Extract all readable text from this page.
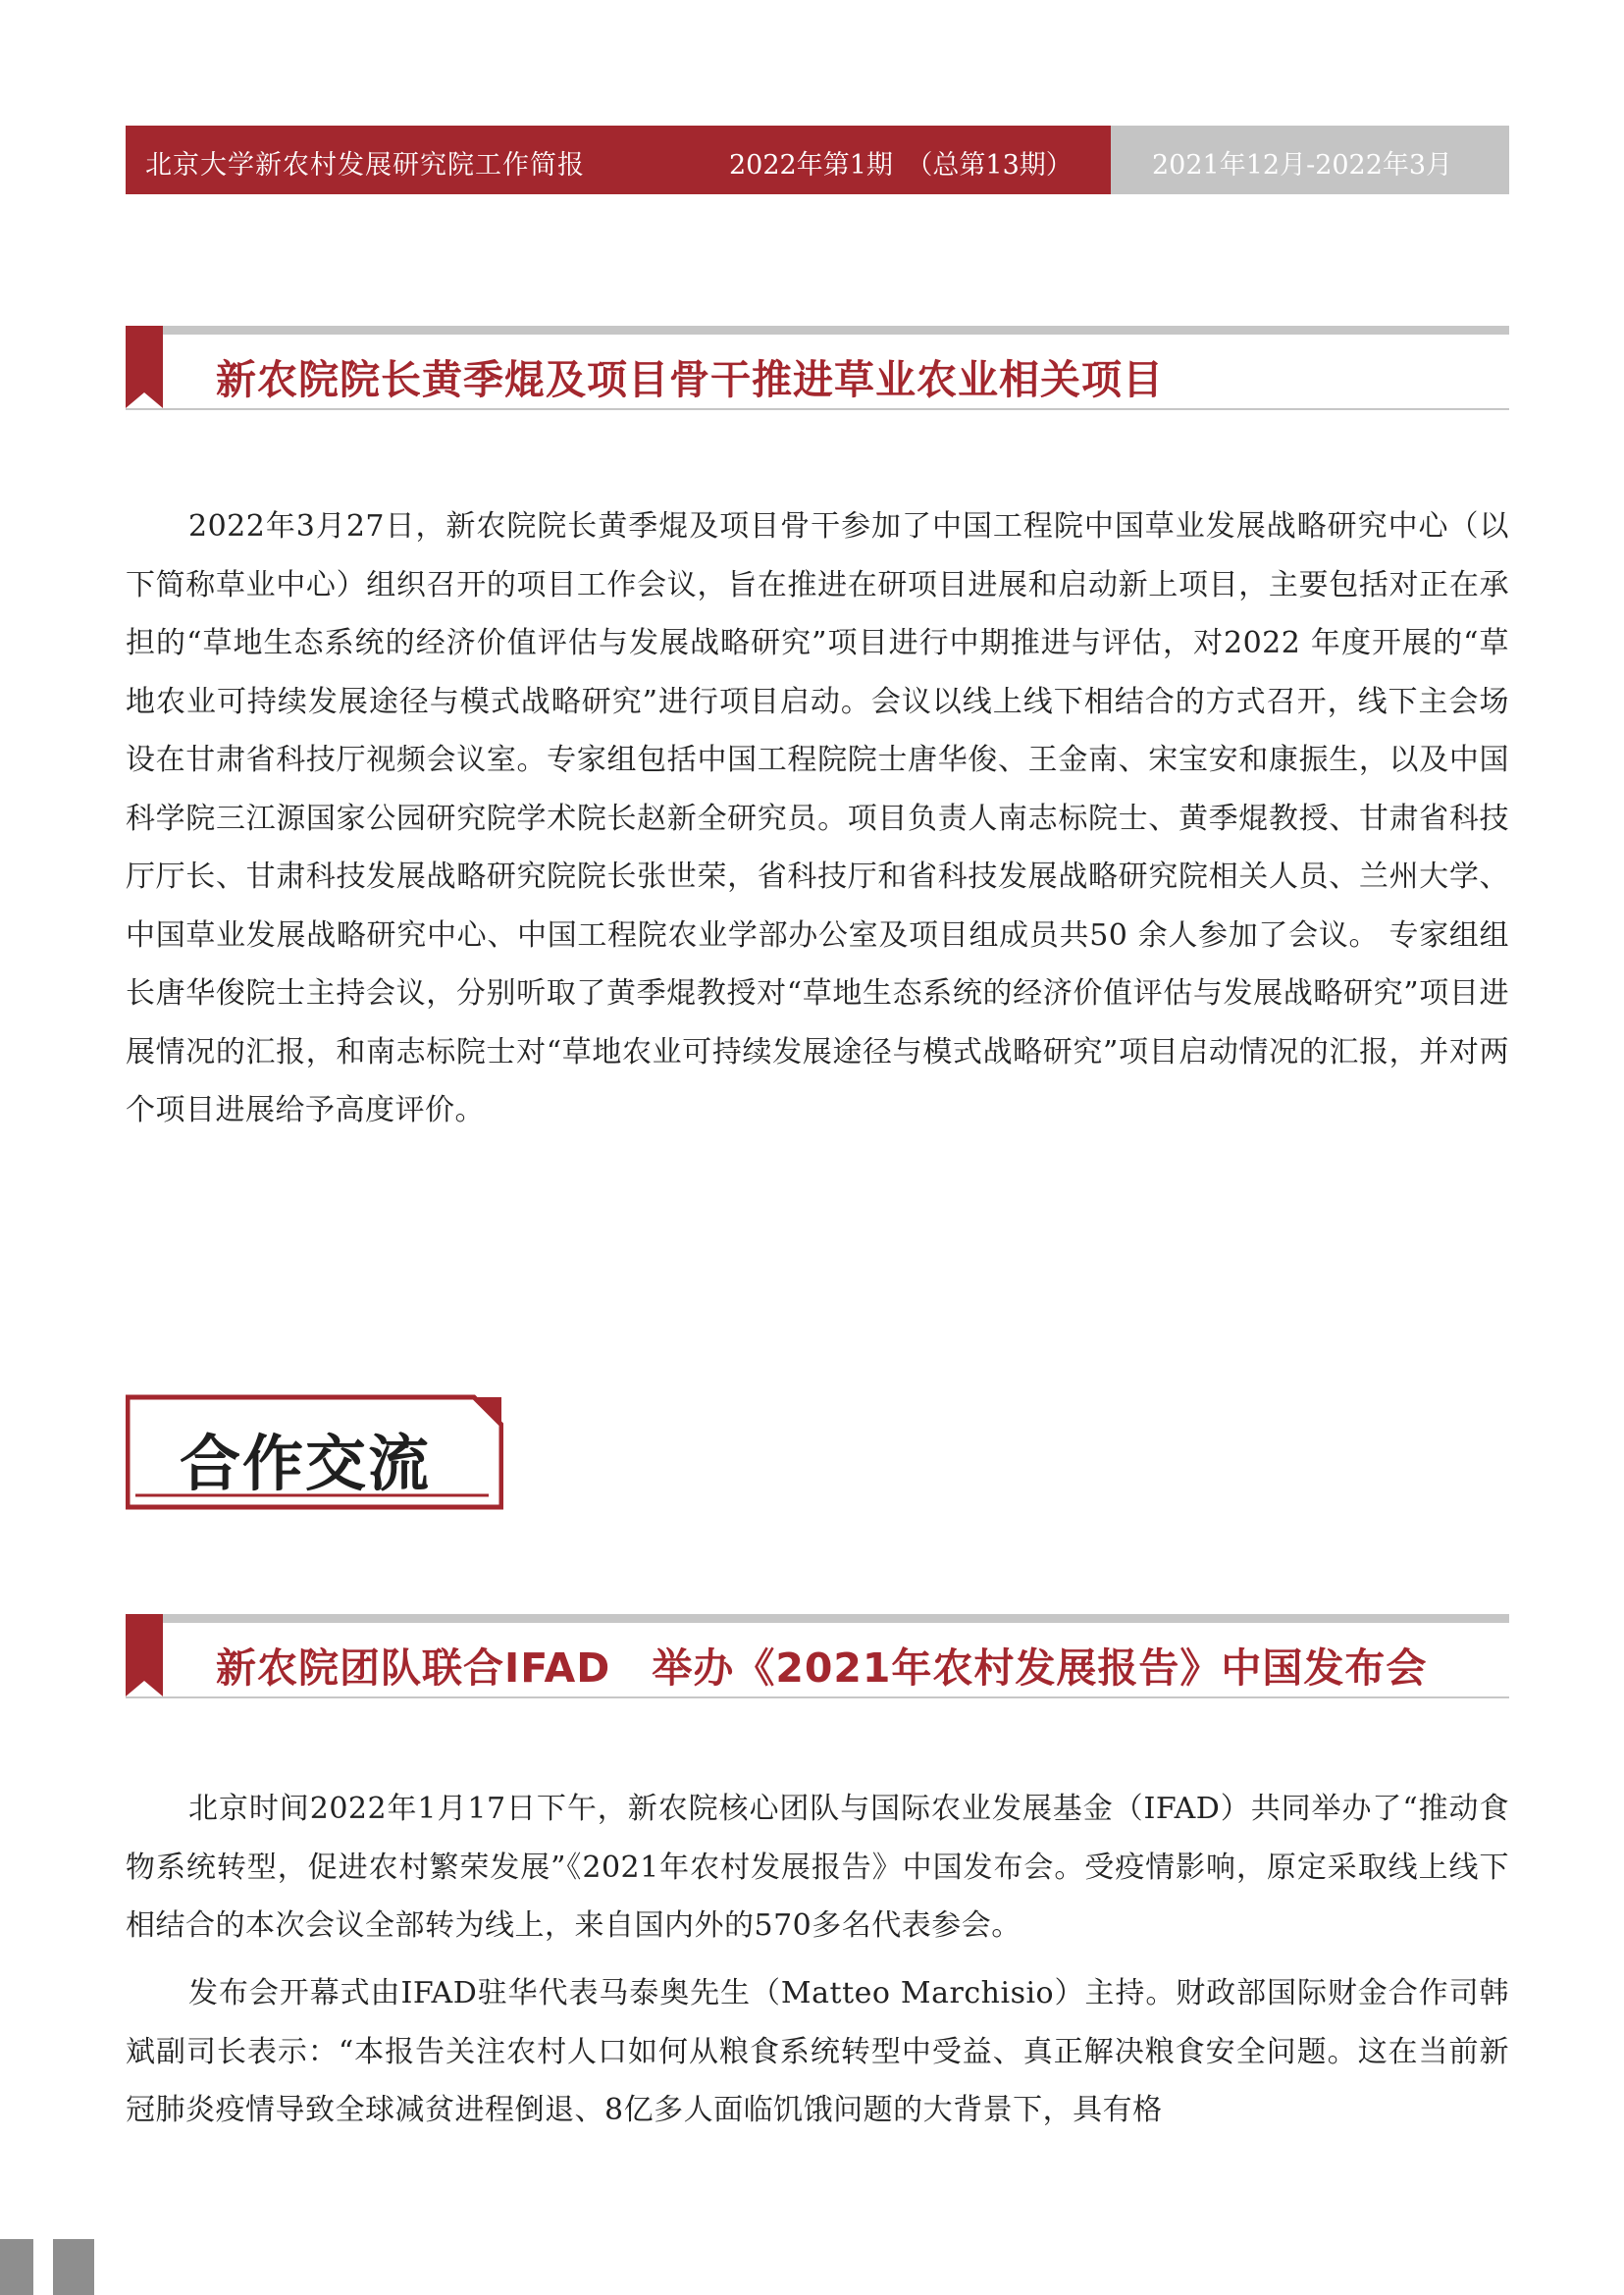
北京大学新农村发展研究院工作简报	2022年第1期　（总第13期）	2021年12月-2022年3月
新农院院长黄季焜及项目骨干推进草业农业相关项目

2022年3月27日，新农院院长黄季焜及项目骨干参加了中国工程院中国草业发展战略研究中心（以下简称草业中心）组织召开的项目工作会议，旨在推进在研项目进展和启动新上项目，主要包括对正在承担的“草地生态系统的经济价值评估与发展战略研究”项目进行中期推进与评估，对2022 年度开展的“草地农业可持续发展途径与模式战略研究”进行项目启动。会议以线上线下相结合的方式召开，线下主会场设在甘肃省科技厅视频会议室。专家组包括中国工程院院士唐华俊、王金南、宋宝安和康振生，以及中国科学院三江源国家公园研究院学术院长赵新全研究员。项目负责人南志标院士、黄季焜教授、甘肃省科技厅厅长、甘肃科技发展战略研究院院长张世荣，省科技厅和省科技发展战略研究院相关人员、兰州大学、中国草业发展战略研究中心、中国工程院农业学部办公室及项目组成员共50 余人参加了会议。 专家组组长唐华俊院士主持会议，分别听取了黄季焜教授对“草地生态系统的经济价值评估与发展战略研究”项目进展情况的汇报，和南志标院士对“草地农业可持续发展途径与模式战略研究”项目启动情况的汇报，并对两个项目进展给予高度评价。

合作交流
新农院团队联合IFAD　举办《2021年农村发展报告》中国发布会

北京时间2022年1月17日下午，新农院核心团队与国际农业发展基金（IFAD）共同举办了“推动食物系统转型，促进农村繁荣发展”《2021年农村发展报告》中国发布会。受疫情影响，原定采取线上线下相结合的本次会议全部转为线上，来自国内外的570多名代表参会。

发布会开幕式由IFAD驻华代表马泰奥先生（Matteo Marchisio）主持。财政部国际财金合作司韩斌副司长表示：“本报告关注农村人口如何从粮食系统转型中受益、真正解决粮食安全问题。这在当前新冠肺炎疫情导致全球减贫进程倒退、8亿多人面临饥饿问题的大背景下，具有格
